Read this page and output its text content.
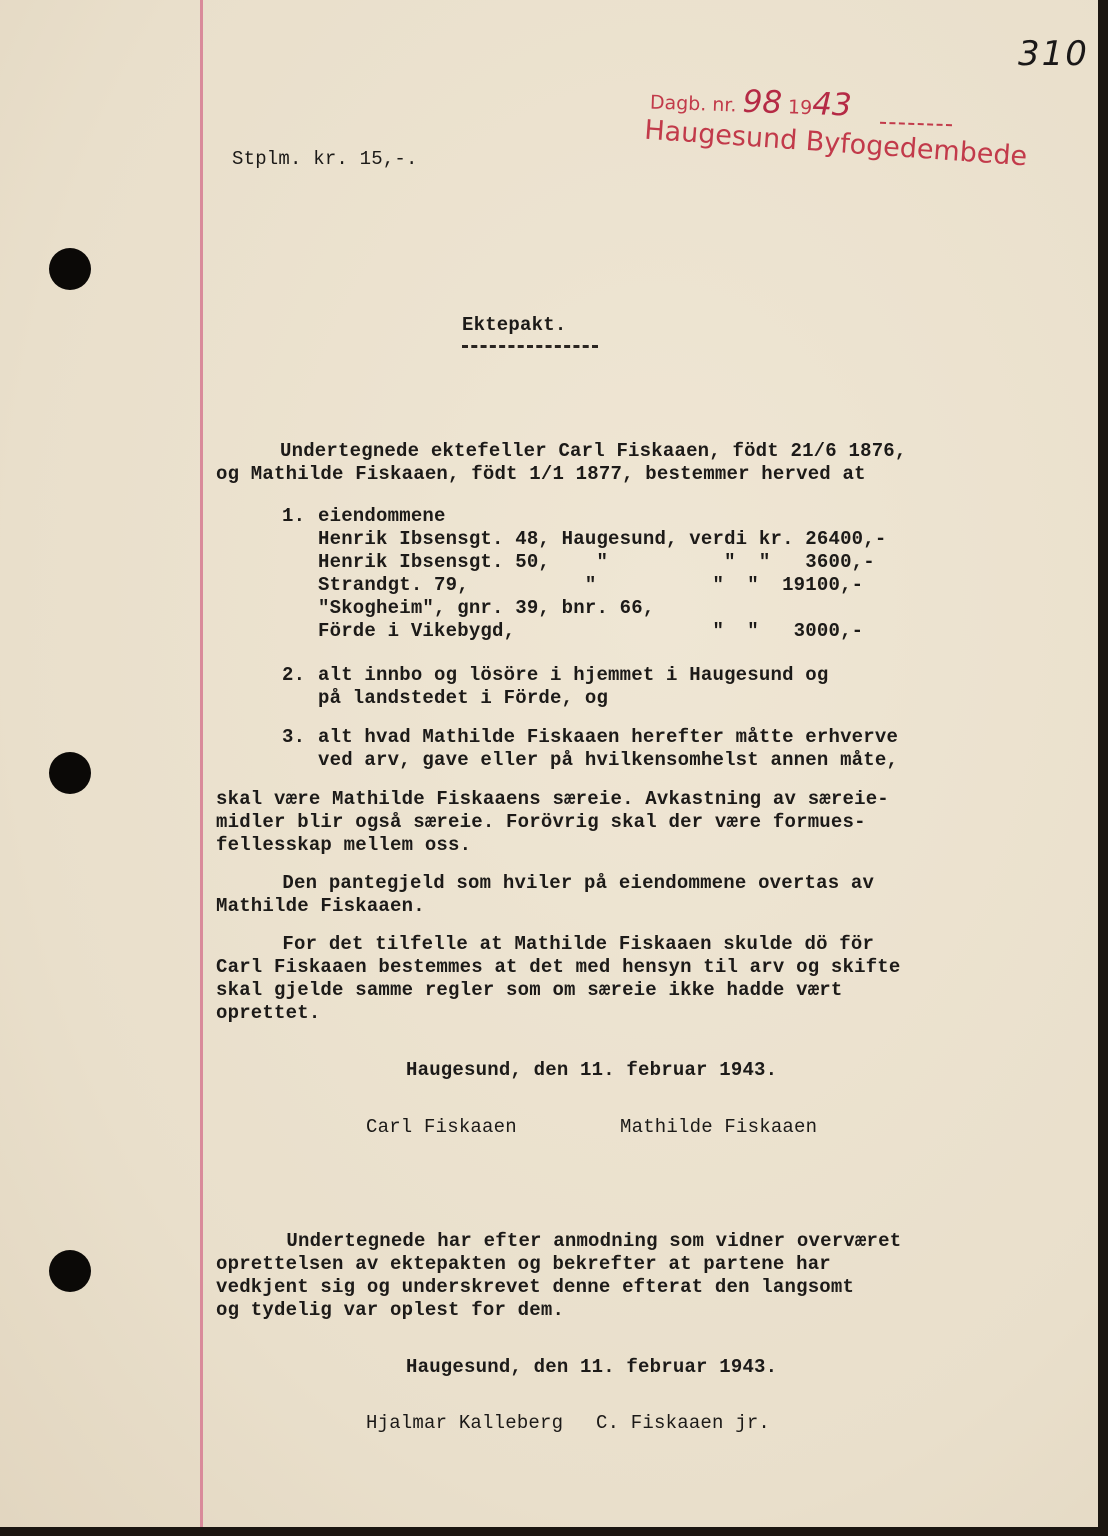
310
Dagb. nr. 98 1943
Haugesund Byfogedembede
Stplm. kr. 15,-.
Ektepakt.
Undertegnede ektefeller Carl Fiskaaen, födt 21/6 1876,
og Mathilde Fiskaaen, födt 1/1 1877, bestemmer herved at
1. eiendommene
Henrik Ibsensgt. 48, Haugesund, verdi kr. 26400,-
Henrik Ibsensgt. 50,    "          "  "   3600,-
Strandgt. 79,          "          "  "  19100,-
"Skogheim", gnr. 39, bnr. 66,
Förde i Vikebygd,                 "  "   3000,-
2. alt innbo og lösöre i hjemmet i Haugesund og
på landstedet i Förde, og
3. alt hvad Mathilde Fiskaaen herefter måtte erhverve
ved arv, gave eller på hvilkensomhelst annen måte,
skal være Mathilde Fiskaaens særeie. Avkastning av særeie-
midler blir også særeie. Forövrig skal der være formues-
fellesskap mellem oss.
Den pantegjeld som hviler på eiendommene overtas av
Mathilde Fiskaaen.
For det tilfelle at Mathilde Fiskaaen skulde dö för
Carl Fiskaaen bestemmes at det med hensyn til arv og skifte
skal gjelde samme regler som om særeie ikke hadde vært
oprettet.
Haugesund, den 11. februar 1943.
Carl Fiskaaen	Mathilde Fiskaaen
Undertegnede har efter anmodning som vidner overværet
oprettelsen av ektepakten og bekrefter at partene har
vedkjent sig og underskrevet denne efterat den langsomt
og tydelig var oplest for dem.
Haugesund, den 11. februar 1943.
Hjalmar Kalleberg C. Fiskaaen jr.
